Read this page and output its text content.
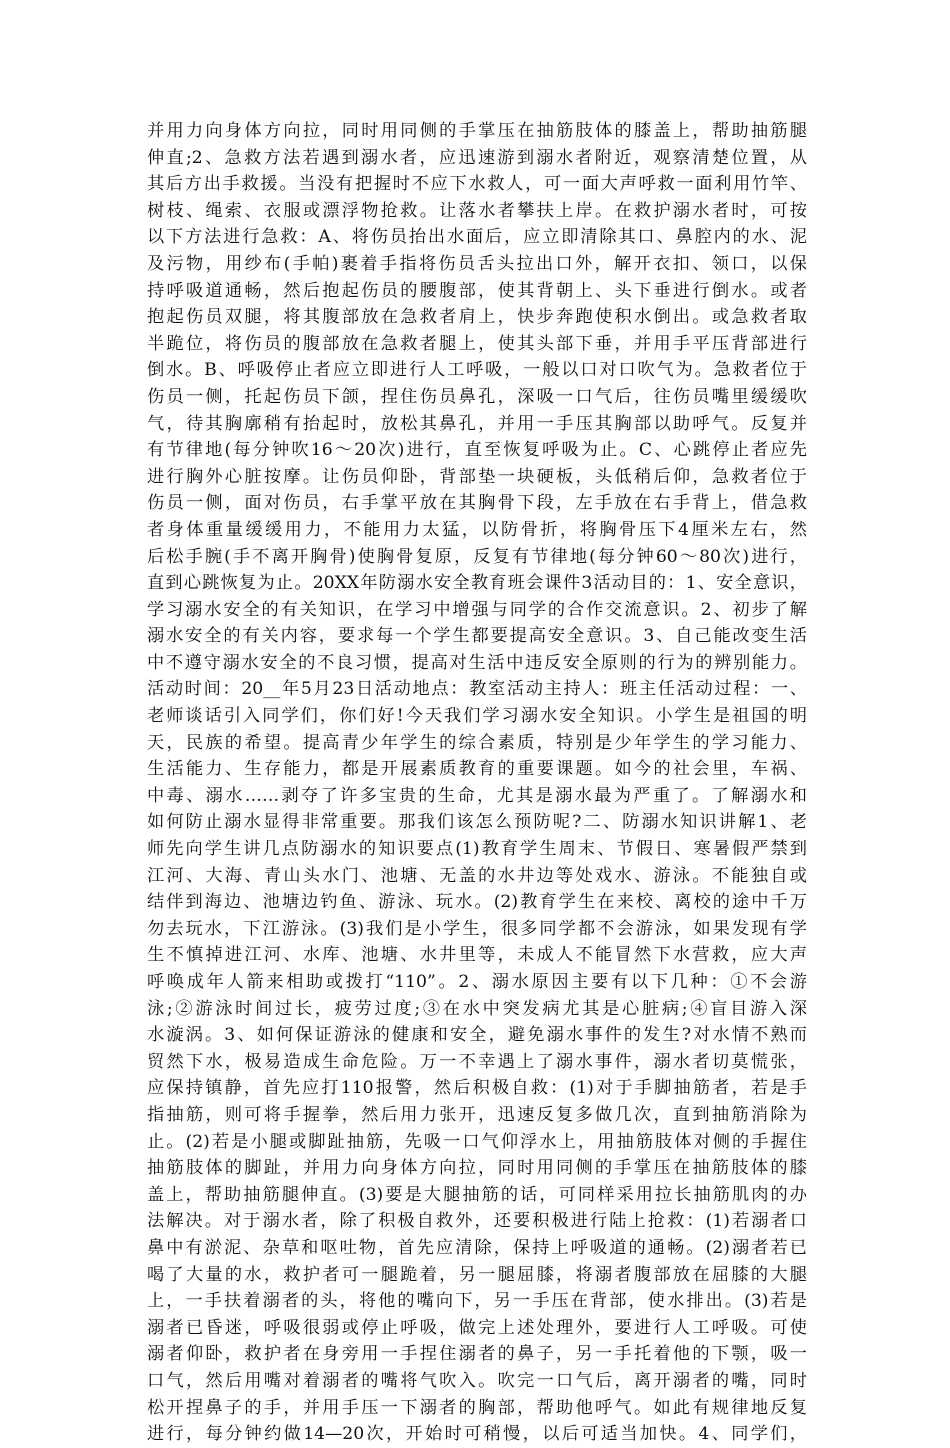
并用力向身体方向拉，同时用同侧的手掌压在抽筋肢体的膝盖上，帮助抽筋腿
伸直;2、急救方法若遇到溺水者，应迅速游到溺水者附近，观察清楚位置，从
其后方出手救援。当没有把握时不应下水救人，可一面大声呼救一面利用竹竿、
树枝、绳索、衣服或漂浮物抢救。让落水者攀扶上岸。在救护溺水者时，可按
以下方法进行急救：A、将伤员抬出水面后，应立即清除其口、鼻腔内的水、泥
及污物，用纱布(手帕)裹着手指将伤员舌头拉出口外，解开衣扣、领口，以保
持呼吸道通畅，然后抱起伤员的腰腹部，使其背朝上、头下垂进行倒水。或者
抱起伤员双腿，将其腹部放在急救者肩上，快步奔跑使积水倒出。或急救者取
半跪位，将伤员的腹部放在急救者腿上，使其头部下垂，并用手平压背部进行
倒水。B、呼吸停止者应立即进行人工呼吸，一般以口对口吹气为。急救者位于
伤员一侧，托起伤员下颌，捏住伤员鼻孔，深吸一口气后，往伤员嘴里缓缓吹
气，待其胸廓稍有抬起时，放松其鼻孔，并用一手压其胸部以助呼气。反复并
有节律地(每分钟吹16～20次)进行，直至恢复呼吸为止。C、心跳停止者应先
进行胸外心脏按摩。让伤员仰卧，背部垫一块硬板，头低稍后仰，急救者位于
伤员一侧，面对伤员，右手掌平放在其胸骨下段，左手放在右手背上，借急救
者身体重量缓缓用力，不能用力太猛，以防骨折，将胸骨压下4厘米左右，然
后松手腕(手不离开胸骨)使胸骨复原，反复有节律地(每分钟60～80次)进行，
直到心跳恢复为止。20XX年防溺水安全教育班会课件3活动目的：1、安全意识，
学习溺水安全的有关知识，在学习中增强与同学的合作交流意识。2、初步了解
溺水安全的有关内容，要求每一个学生都要提高安全意识。3、自己能改变生活
中不遵守溺水安全的不良习惯，提高对生活中违反安全原则的行为的辨别能力。
活动时间：20__年5月23日活动地点：教室活动主持人：班主任活动过程：一、
老师谈话引入同学们，你们好!今天我们学习溺水安全知识。小学生是祖国的明
天，民族的希望。提高青少年学生的综合素质，特别是少年学生的学习能力、
生活能力、生存能力，都是开展素质教育的重要课题。如今的社会里，车祸、
中毒、溺水……剥夺了许多宝贵的生命，尤其是溺水最为严重了。了解溺水和
如何防止溺水显得非常重要。那我们该怎么预防呢?二、防溺水知识讲解1、老
师先向学生讲几点防溺水的知识要点(1)教育学生周末、节假日、寒暑假严禁到
江河、大海、青山头水门、池塘、无盖的水井边等处戏水、游泳。不能独自或
结伴到海边、池塘边钓鱼、游泳、玩水。(2)教育学生在来校、离校的途中千万
勿去玩水，下江游泳。(3)我们是小学生，很多同学都不会游泳，如果发现有学
生不慎掉进江河、水库、池塘、水井里等，未成人不能冒然下水营救，应大声
呼唤成年人箭来相助或拨打“110”。2、溺水原因主要有以下几种：①不会游
泳;②游泳时间过长，疲劳过度;③在水中突发病尤其是心脏病;④盲目游入深
水漩涡。3、如何保证游泳的健康和安全，避免溺水事件的发生?对水情不熟而
贸然下水，极易造成生命危险。万一不幸遇上了溺水事件，溺水者切莫慌张，
应保持镇静，首先应打110报警，然后积极自救：(1)对于手脚抽筋者，若是手
指抽筋，则可将手握拳，然后用力张开，迅速反复多做几次，直到抽筋消除为
止。(2)若是小腿或脚趾抽筋，先吸一口气仰浮水上，用抽筋肢体对侧的手握住
抽筋肢体的脚趾，并用力向身体方向拉，同时用同侧的手掌压在抽筋肢体的膝
盖上，帮助抽筋腿伸直。(3)要是大腿抽筋的话，可同样采用拉长抽筋肌肉的办
法解决。对于溺水者，除了积极自救外，还要积极进行陆上抢救：(1)若溺者口
鼻中有淤泥、杂草和呕吐物，首先应清除，保持上呼吸道的通畅。(2)溺者若已
喝了大量的水，救护者可一腿跪着，另一腿屈膝，将溺者腹部放在屈膝的大腿
上，一手扶着溺者的头，将他的嘴向下，另一手压在背部，使水排出。(3)若是
溺者已昏迷，呼吸很弱或停止呼吸，做完上述处理外，要进行人工呼吸。可使
溺者仰卧，救护者在身旁用一手捏住溺者的鼻子，另一手托着他的下颚，吸一
口气，然后用嘴对着溺者的嘴将气吹入。吹完一口气后，离开溺者的嘴，同时
松开捏鼻子的手，并用手压一下溺者的胸部，帮助他呼气。如此有规律地反复
进行，每分钟约做14—20次，开始时可稍慢，以后可适当加快。4、同学们，
